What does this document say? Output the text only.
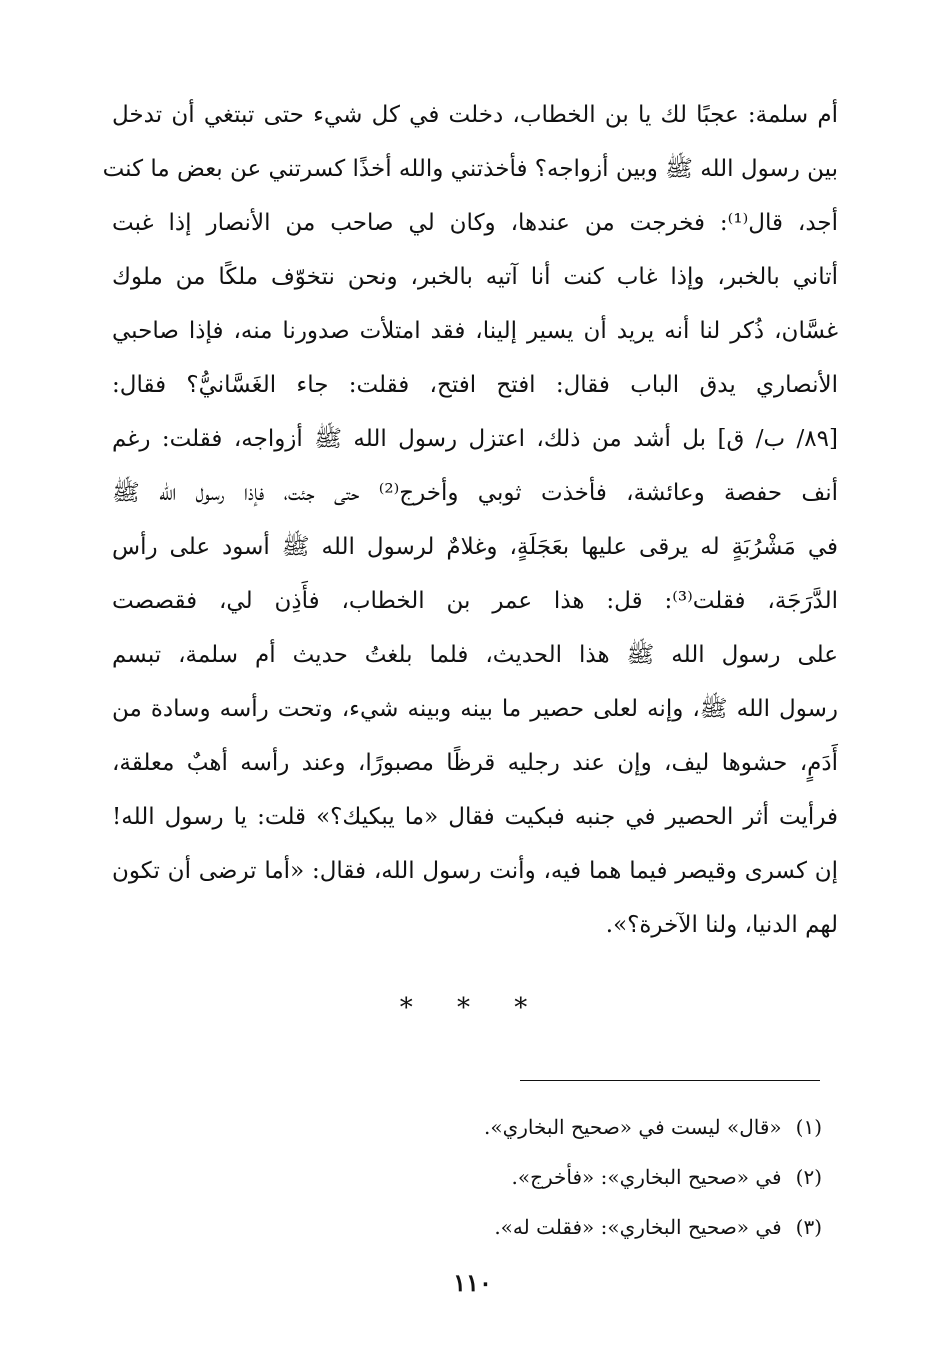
أم سلمة: عجبًا لك يا بن الخطاب، دخلت في كل شيء حتى تبتغي أن تدخل
بين رسول الله ﷺ وبين أزواجه؟ فأخذتني والله أخذًا كسرتني عن بعض ما كنت
أجد، قال⁽¹⁾: فخرجت من عندها، وكان لي صاحب من الأنصار إذا غبت
أتاني بالخبر، وإذا غاب كنت أنا آتيه بالخبر، ونحن نتخوّف ملكًا من ملوك
غسَّان، ذُكر لنا أنه يريد أن يسير إلينا، فقد امتلأت صدورنا منه، فإذا صاحبي
الأنصاري يدق الباب فقال: افتح افتح، فقلت: جاء الغَسَّانيُّ؟ فقال:
[٨٩/ ب/ ق] بل أشد من ذلك، اعتزل رسول الله ﷺ أزواجه، فقلت: رغم
أنف حفصة وعائشة، فأخذت ثوبي وأخرج⁽²⁾ حتى جئت، فإذا رسول الله ﷺ
في مَشْرُبَةٍ له يرقى عليها بعَجَلَةٍ، وغلامٌ لرسول الله ﷺ أسود على رأس
الدَّرَجَة، فقلت⁽³⁾: قل: هذا عمر بن الخطاب، فأَذِن لي، فقصصت
على رسول الله ﷺ هذا الحديث، فلما بلغتُ حديث أم سلمة، تبسم
رسول الله ﷺ، وإنه لعلى حصير ما بينه وبينه شيء، وتحت رأسه وسادة من
أَدَمٍ، حشوها ليف، وإن عند رجليه قرظًا مصبورًا، وعند رأسه أهبٌ معلقة،
فرأيت أثر الحصير في جنبه فبكيت فقال «ما يبكيك؟» قلت: يا رسول الله!
إن كسرى وقيصر فيما هما فيه، وأنت رسول الله، فقال: «أما ترضى أن تكون
لهم الدنيا، ولنا الآخرة؟».
* * *
(١)«قال» ليست في «صحيح البخاري».
(٢)في «صحيح البخاري»: «فأخرج».
(٣)في «صحيح البخاري»: «فقلت له».
١١٠
